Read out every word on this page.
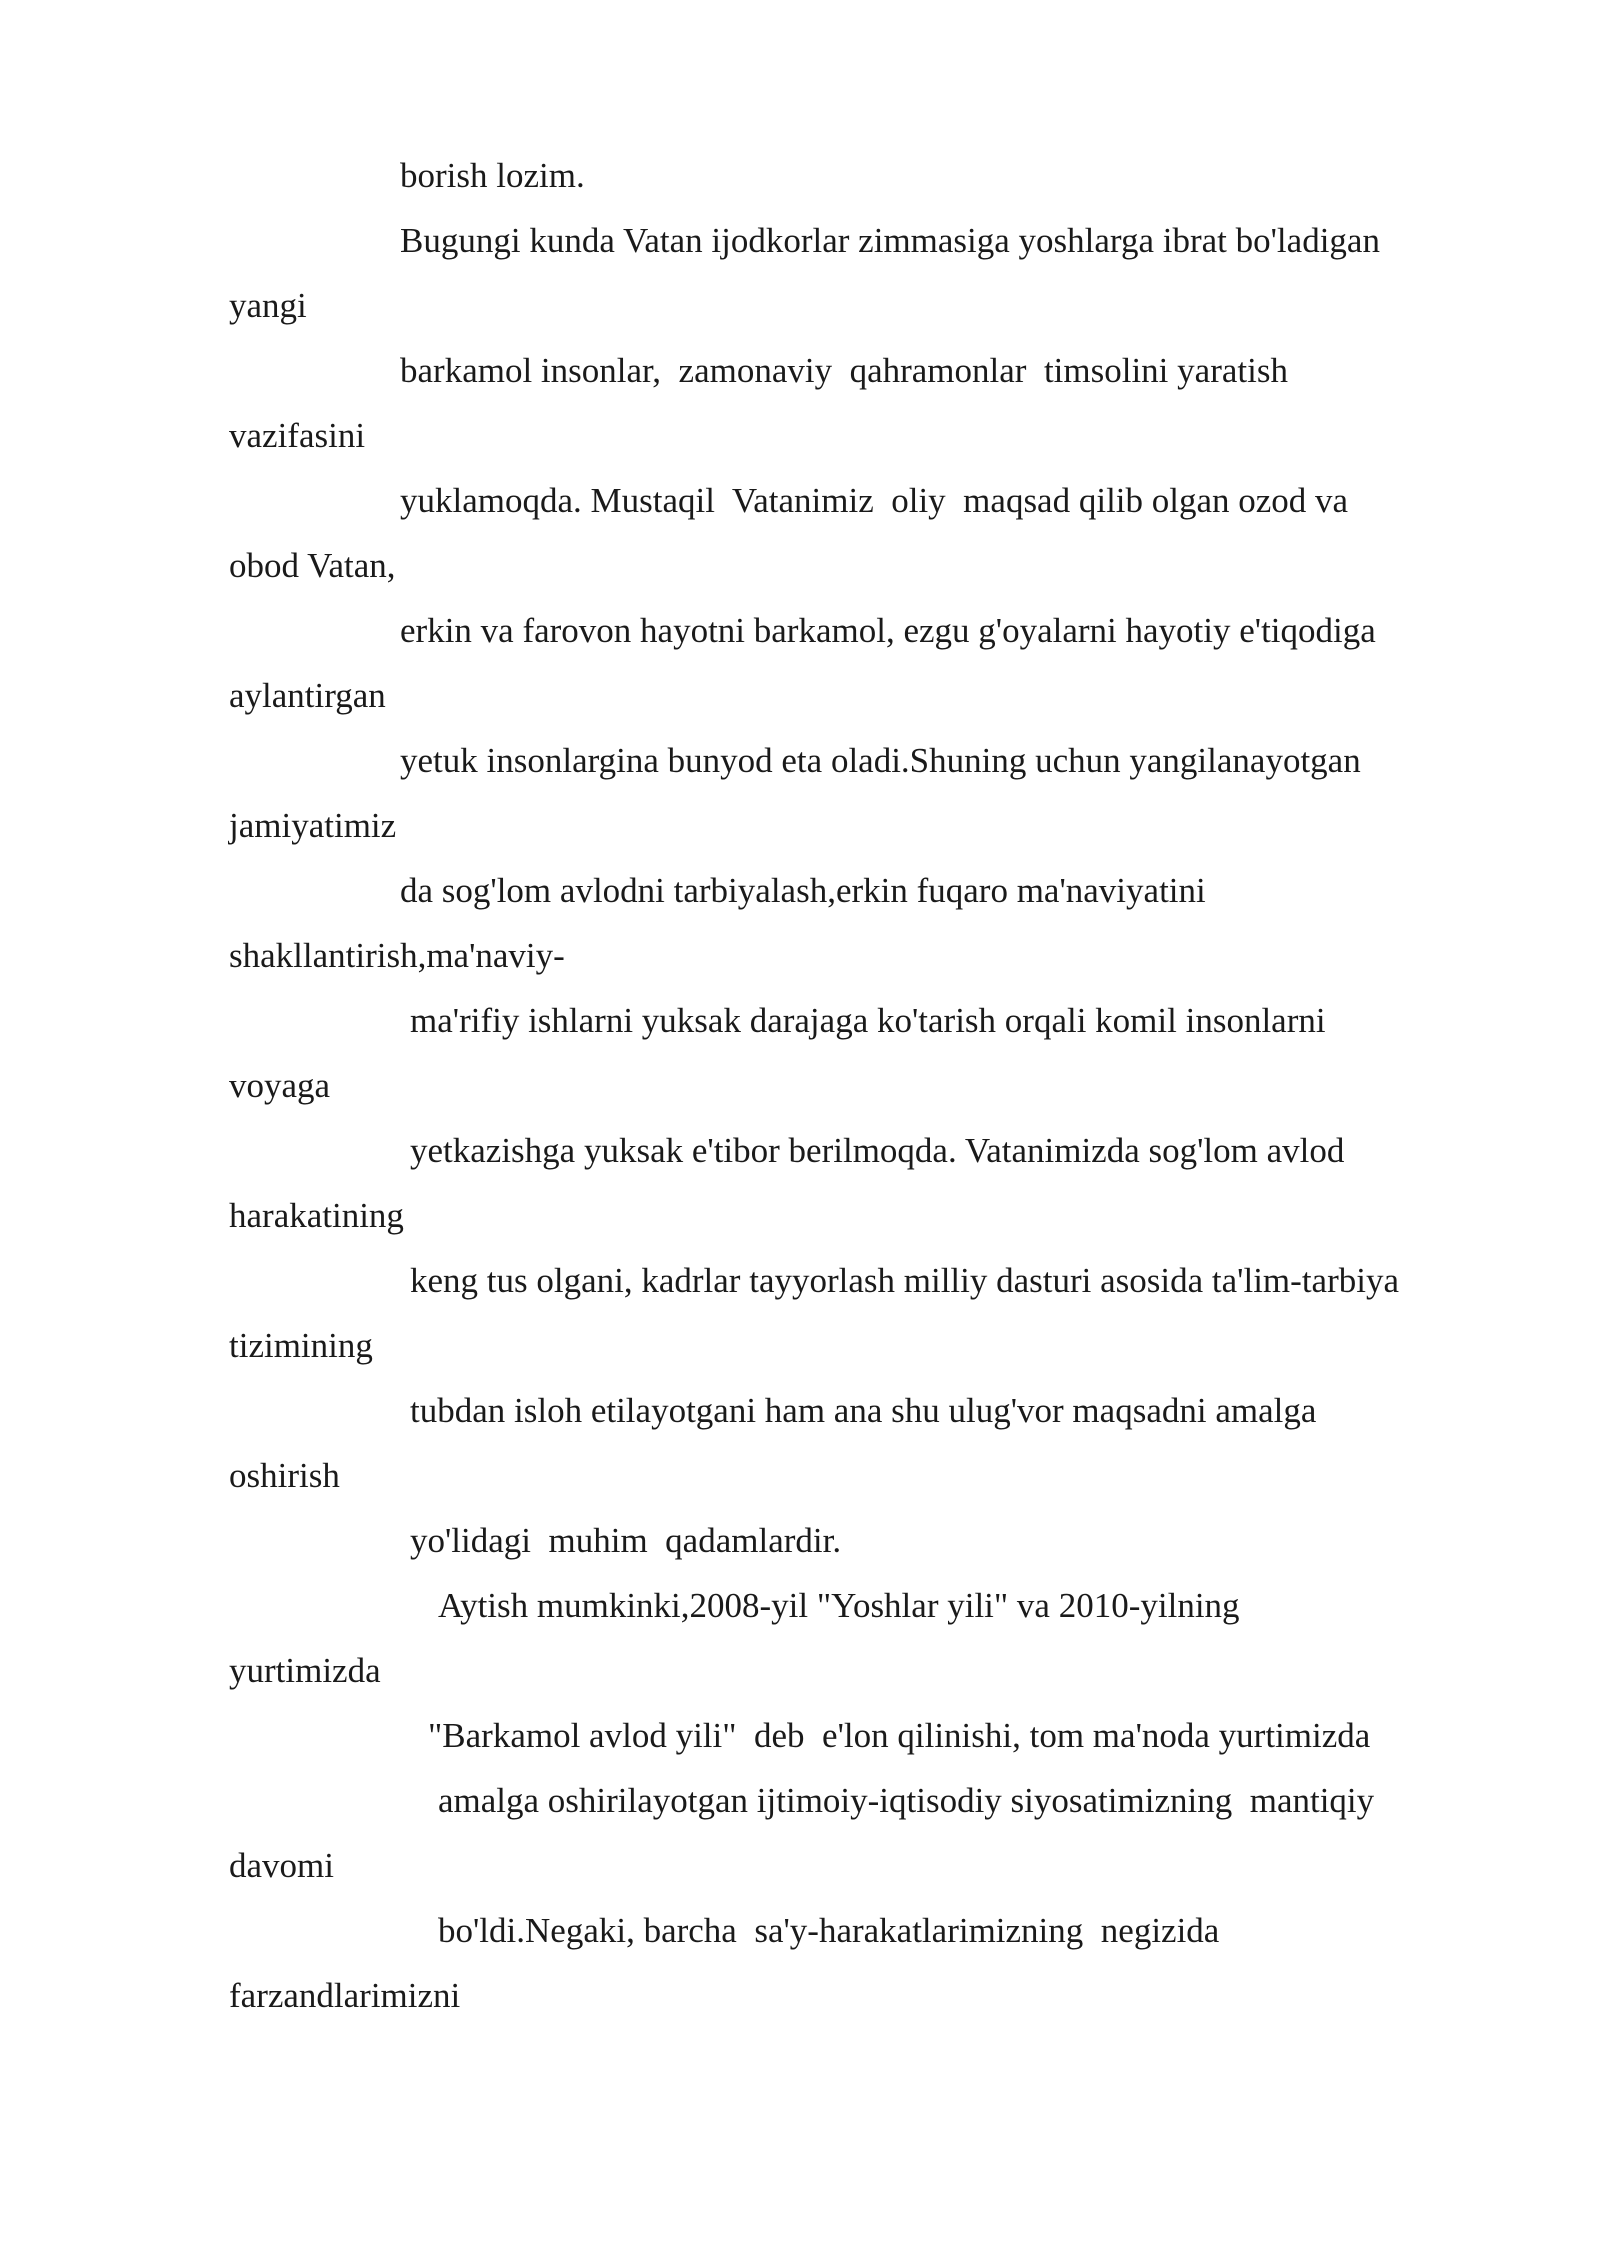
borish lozim.
Bugungi kunda Vatan ijodkorlar zimmasiga yoshlarga ibrat bo'ladigan
yangi
barkamol insonlar,  zamonaviy  qahramonlar  timsolini yaratish
vazifasini
yuklamoqda. Mustaqil  Vatanimiz  oliy  maqsad qilib olgan ozod va
obod Vatan,
erkin va farovon hayotni barkamol, ezgu g'oyalarni hayotiy e'tiqodiga
aylantirgan
yetuk insonlargina bunyod eta oladi.Shuning uchun yangilanayotgan
jamiyatimiz
da sog'lom avlodni tarbiyalash,erkin fuqaro ma'naviyatini
shakllantirish,ma'naviy-
ma'rifiy ishlarni yuksak darajaga ko'tarish orqali komil insonlarni
voyaga
yetkazishga yuksak e'tibor berilmoqda. Vatanimizda sog'lom avlod
harakatining
keng tus olgani, kadrlar tayyorlash milliy dasturi asosida ta'lim-tarbiya
tizimining
tubdan isloh etilayotgani ham ana shu ulug'vor maqsadni amalga
oshirish
yo'lidagi  muhim  qadamlardir.
Aytish mumkinki,2008-yil "Yoshlar yili" va 2010-yilning
yurtimizda
"Barkamol avlod yili"  deb  e'lon qilinishi, tom ma'noda yurtimizda
amalga oshirilayotgan ijtimoiy-iqtisodiy siyosatimizning  mantiqiy
davomi
bo'ldi.Negaki, barcha  sa'y-harakatlarimizning  negizida
farzandlarimizni
